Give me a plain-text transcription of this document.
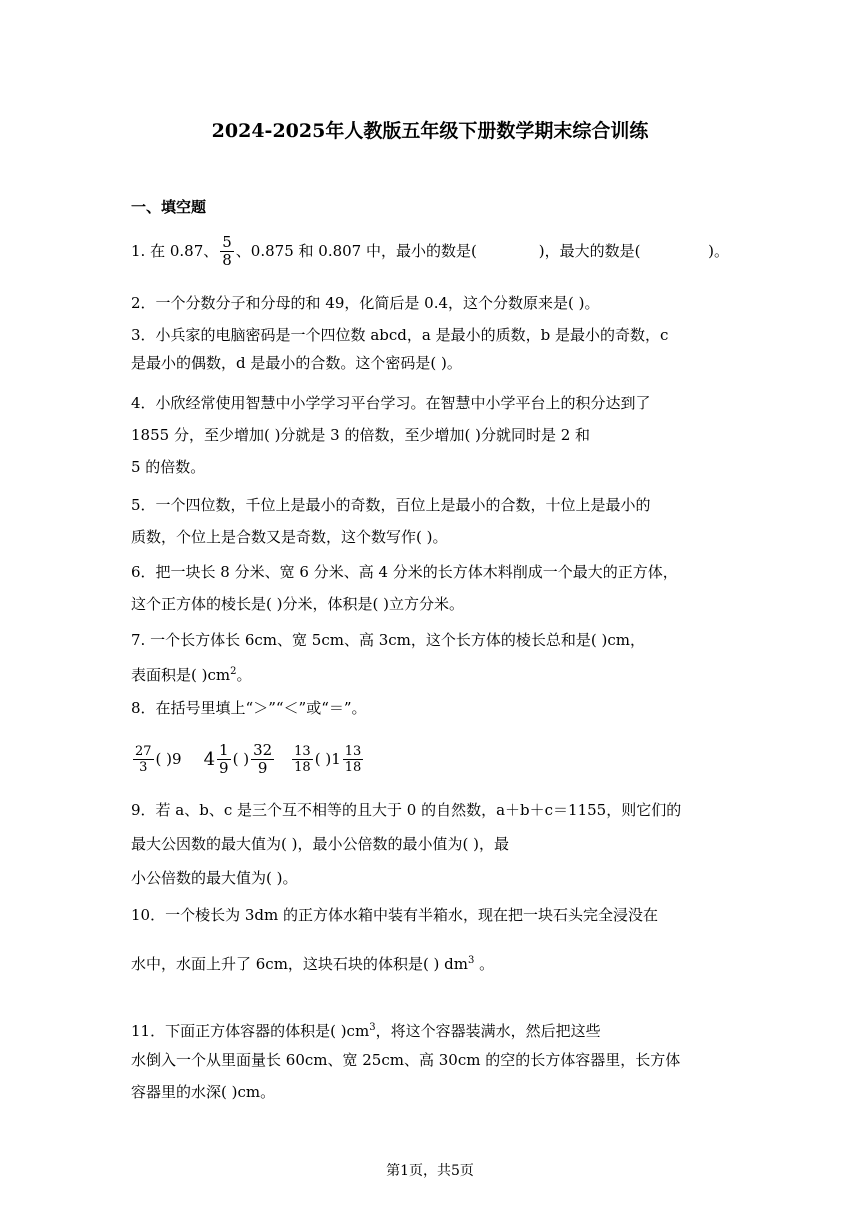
2024-2025年人教版五年级下册数学期末综合训练
一、填空题
1. 在 0.87、 $\frac{5}{8}$ 、0.875 和 0.807 中，最小的数是(	)，最大的数是(	)。
2．一个分数分子和分母的和 49，化简后是 0.4，这个分数原来是( )。
3．小兵家的电脑密码是一个四位数 abcd，a 是最小的质数，b 是最小的奇数，c
是最小的偶数，d 是最小的合数。这个密码是( )。
4．小欣经常使用智慧中小学学习平台学习。在智慧中小学平台上的积分达到了
1855 分，至少增加( )分就是 3 的倍数，至少增加( )分就同时是 2 和
5 的倍数。
5．一个四位数，千位上是最小的奇数，百位上是最小的合数，十位上是最小的
质数，个位上是合数又是奇数，这个数写作( )。
6．把一块长 8 分米、宽 6 分米、高 4 分米的长方体木料削成一个最大的正方体，
这个正方体的棱长是( )分米，体积是( )立方分米。
7. 一个长方体长 6cm、宽 5cm、高 3cm，这个长方体的棱长总和是( )cm，
表面积是( )$cm^2$。
8．在括号里填上“＞”“＜”或“＝”。
$\frac{27}{3}$ ( ) 9 $4 \frac{1}{9}$ ( ) $\frac{32}{9} \frac{13}{18}$ ( ) $1 \frac{13}{18}$
9．若 a、b、c 是三个互不相等的且大于 0 的自然数，a＋b＋c＝1155，则它们的
最大公因数的最大值为( )，最小公倍数的最小值为( )，最
小公倍数的最大值为( )。
10．一个棱长为 3dm 的正方体水箱中装有半箱水，现在把一块石头完全浸没在
水中，水面上升了 6cm，这块石块的体积是( ) $dm^3$ 。
11．下面正方体容器的体积是( )$cm^3$，将这个容器装满水，然后把这些
水倒入一个从里面量长 60cm、宽 25cm、高 30cm 的空的长方体容器里，长方体
容器里的水深( )cm。
第1页，共5页
